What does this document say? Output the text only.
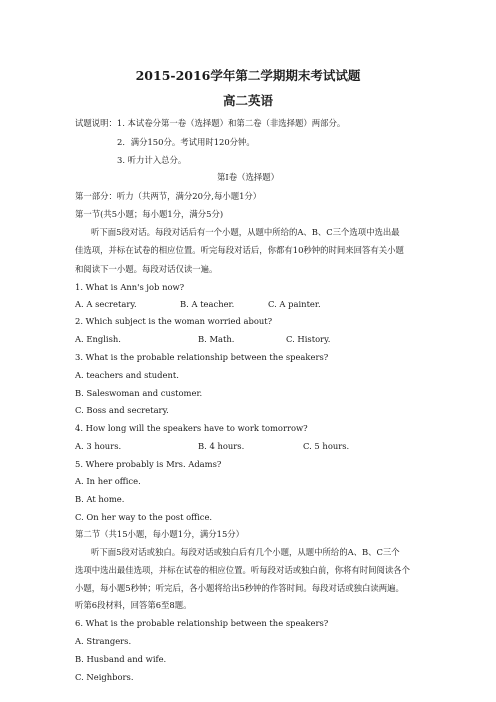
2015-2016学年第二学期期末考试试题
高二英语
试题说明：1. 本试卷分第一卷（选择题）和第二卷（非选择题）两部分。
2．满分150分。考试用时120分钟。
3. 听力计入总分。
第Ⅰ卷（选择题）
第一部分：听力（共两节，满分20分,每小题1分）
第一节(共5小题；每小题1分，满分5分)
听下面5段对话。每段对话后有一个小题，从题中所给的A、B、C三个选项中选出最
佳选项，并标在试卷的相应位置。听完每段对话后，你都有10秒钟的时间来回答有关小题
和阅读下一小题。每段对话仅读一遍。
1. What is Ann's job now?
A. A secretary.	B. A teacher.	C. A painter.
2. Which subject is the woman worried about?
A. English.	B. Math.	C. History.
3. What is the probable relationship between the speakers?
A. teachers and student.
B. Saleswoman and customer.
C. Boss and secretary.
4. How long will the speakers have to work tomorrow?
A. 3 hours.	B. 4 hours.	C. 5 hours.
5. Where probably is Mrs. Adams?
A. In her office.
B. At home.
C. On her way to the post office.
第二节（共15小题，每小题1分，满分15分）
听下面5段对话或独白。每段对话或独白后有几个小题，从题中所给的A、B、C三个
选项中选出最佳选项，并标在试卷的相应位置。听每段对话或独白前，你将有时间阅读各个
小题，每小题5秒钟；听完后，各小题将给出5秒钟的作答时间。每段对话或独白读两遍。
听第6段材料，回答第6至8题。
6. What is the probable relationship between the speakers?
A. Strangers.
B. Husband and wife.
C. Neighbors.
